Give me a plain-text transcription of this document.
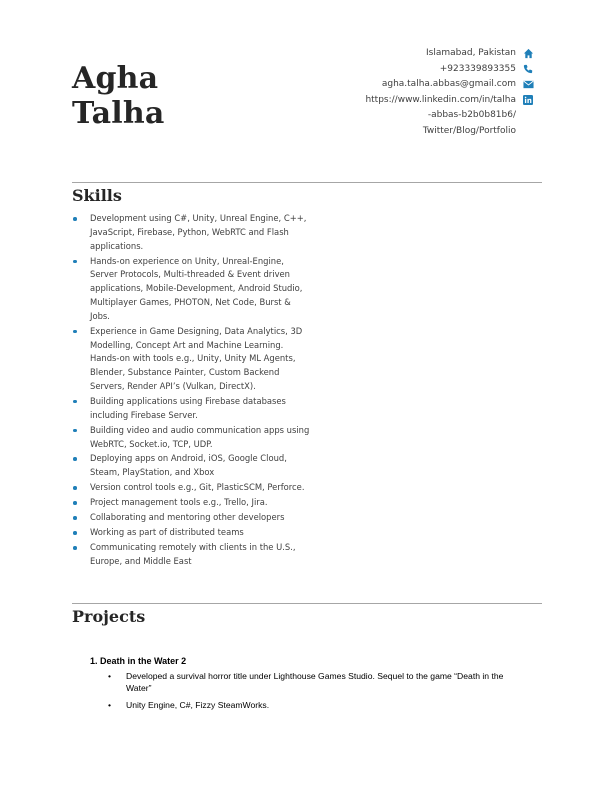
Agha
Talha
Islamabad, Pakistan
+923339893355
agha.talha.abbas@gmail.com
https://www.linkedin.com/in/talha
-abbas-b2b0b81b6/
Twitter/Blog/Portfolio
Skills
Development using C#, Unity, Unreal Engine, C++, JavaScript, Firebase, Python, WebRTC and Flash applications.
Hands-on experience on Unity, Unreal-Engine, Server Protocols, Multi-threaded & Event driven applications, Mobile-Development, Android Studio, Multiplayer Games, PHOTON, Net Code, Burst & Jobs.
Experience in Game Designing, Data Analytics, 3D Modelling, Concept Art and Machine Learning. Hands-on with tools e.g., Unity, Unity ML Agents, Blender, Substance Painter, Custom Backend Servers, Render API’s (Vulkan, DirectX).
Building applications using Firebase databases including Firebase Server.
Building video and audio communication apps using WebRTC, Socket.io, TCP, UDP.
Deploying apps on Android, iOS, Google Cloud, Steam, PlayStation, and Xbox
Version control tools e.g., Git, PlasticSCM, Perforce.
Project management tools e.g., Trello, Jira.
Collaborating and mentoring other developers
Working as part of distributed teams
Communicating remotely with clients in the U.S., Europe, and Middle East
Projects
1. Death in the Water 2
• Developed a survival horror title under Lighthouse Games Studio. Sequel to the game “Death in the Water”
• Unity Engine, C#, Fizzy SteamWorks.
